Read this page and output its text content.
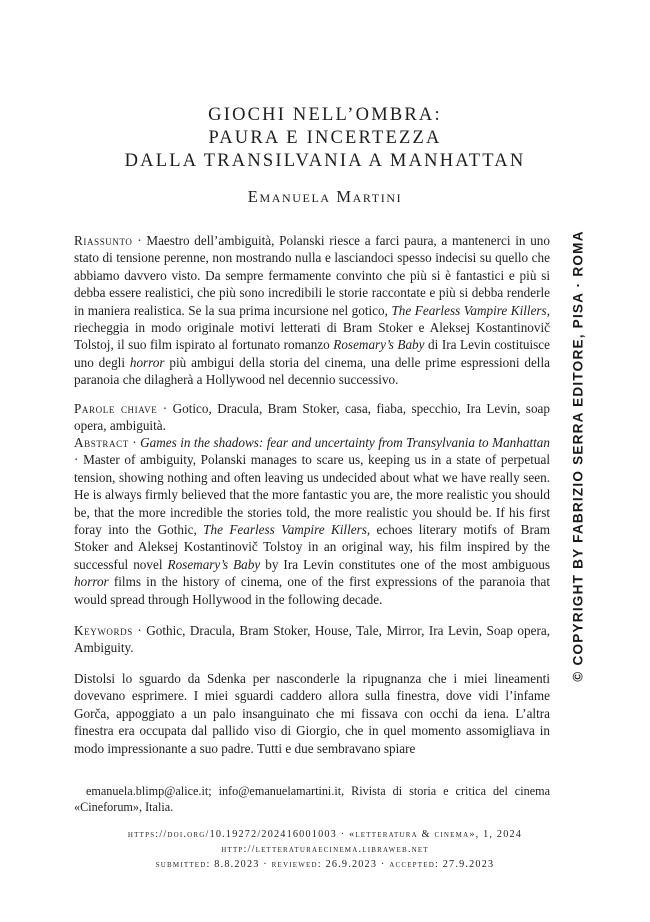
GIOCHI NELL’OMBRA:
PAURA E INCERTEZZA
DALLA TRANSILVANIA A MANHATTAN
Emanuela Martini

Riassunto · Maestro dell’ambiguità, Polanski riesce a farci paura, a mantenerci in uno stato di tensione perenne, non mostrando nulla e lasciandoci spesso indecisi su quello che abbiamo davvero visto. Da sempre fermamente convinto che più si è fantastici e più si debba essere realistici, che più sono incredibili le storie raccontate e più si debba renderle in maniera realistica. Se la sua prima incursione nel gotico, The Fearless Vampire Killers, riecheggia in modo originale motivi letterati di Bram Stoker e Aleksej Kostantinovič Tolstoj, il suo film ispirato al fortunato romanzo Rosemary’s Baby di Ira Levin costituisce uno degli horror più ambigui della storia del cinema, una delle prime espressioni della paranoia che dilagherà a Hollywood nel decennio successivo.

Parole chiave · Gotico, Dracula, Bram Stoker, casa, fiaba, specchio, Ira Levin, soap opera, ambiguità.

Abstract · Games in the shadows: fear and uncertainty from Transylvania to Manhattan · Master of ambiguity, Polanski manages to scare us, keeping us in a state of perpetual tension, showing nothing and often leaving us undecided about what we have really seen. He is always firmly believed that the more fantastic you are, the more realistic you should be, that the more incredible the stories told, the more realistic you should be. If his first foray into the Gothic, The Fearless Vampire Killers, echoes literary motifs of Bram Stoker and Aleksej Kostantinovič Tolstoy in an original way, his film inspired by the successful novel Rosemary’s Baby by Ira Levin constitutes one of the most ambiguous horror films in the history of cinema, one of the first expressions of the paranoia that would spread through Hollywood in the following decade.

Keywords · Gothic, Dracula, Bram Stoker, House, Tale, Mirror, Ira Levin, Soap opera, Ambiguity.

Distolsi lo sguardo da Sdenka per nasconderle la ripugnanza che i miei lineamenti dovevano esprimere. I miei sguardi caddero allora sulla finestra, dove vidi l’infame Gorča, appoggiato a un palo insanguinato che mi fissava con occhi da iena. L’altra finestra era occupata dal pallido viso di Giorgio, che in quel momento assomigliava in modo impressionante a suo padre. Tutti e due sembravano spiare

emanuela.blimp@alice.it; info@emanuelamartini.it, Rivista di storia e critica del cinema «Cineforum», Italia.

https://doi.org/10.19272/202416001003 · «letteratura & cinema», 1, 2024
http://letteraturaecinema.libraweb.net
submitted: 8.8.2023 · reviewed: 26.9.2023 · accepted: 27.9.2023
© COPYRIGHT BY FABRIZIO SERRA EDITORE, PISA · ROMA
